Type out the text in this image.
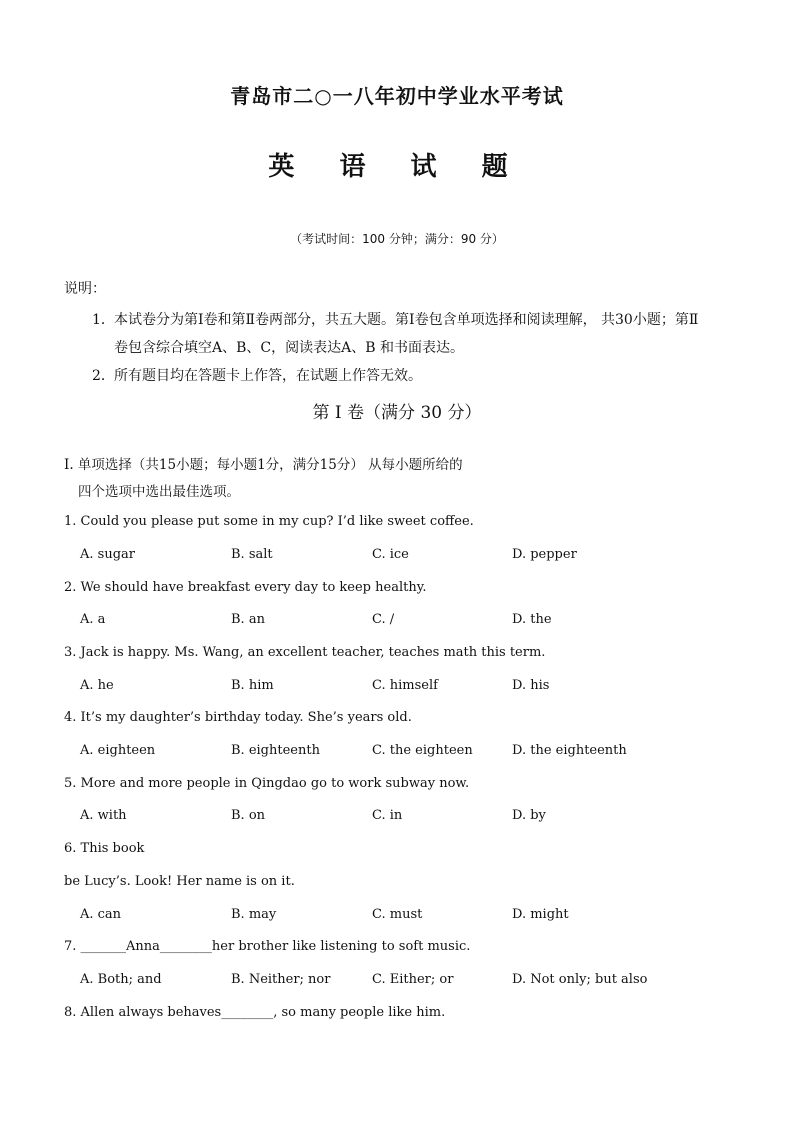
青岛市二○一八年初中学业水平考试
英 语 试 题
（考试时间：100 分钟；满分：90 分）
说明：
1．本试卷分为第Ⅰ卷和第Ⅱ卷两部分，共五大题。第Ⅰ卷包含单项选择和阅读理解， 共30小题；第Ⅱ
卷包含综合填空A、B、C，阅读表达A、B 和书面表达。
2．所有题目均在答题卡上作答，在试题上作答无效。
第 I 卷（满分 30 分）
I. 单项选择（共15小题；每小题1分，满分15分） 从每小题所给的
四个选项中选出最佳选项。
1. Could you please put some in my cup? I’d like sweet coffee.
A. sugar	B. salt	C. ice	D. pepper
2. We should have breakfast every day to keep healthy.
A. a	B. an	C. /	D. the
3. Jack is happy. Ms. Wang, an excellent teacher, teaches math this term.
A. he	B. him	C. himself	D. his
4. It’s my daughter’s birthday today. She’s years old.
A. eighteen	B. eighteenth	C. the eighteen	D. the eighteenth
5. More and more people in Qingdao go to work subway now.
A. with	B. on	C. in	D. by
6. This book
be Lucy’s. Look! Her name is on it.
A. can	B. may	C. must	D. might
7. _______Anna________her brother like listening to soft music.
A. Both; and	B. Neither; nor	C. Either; or	D. Not only; but also
8. Allen always behaves________, so many people like him.
